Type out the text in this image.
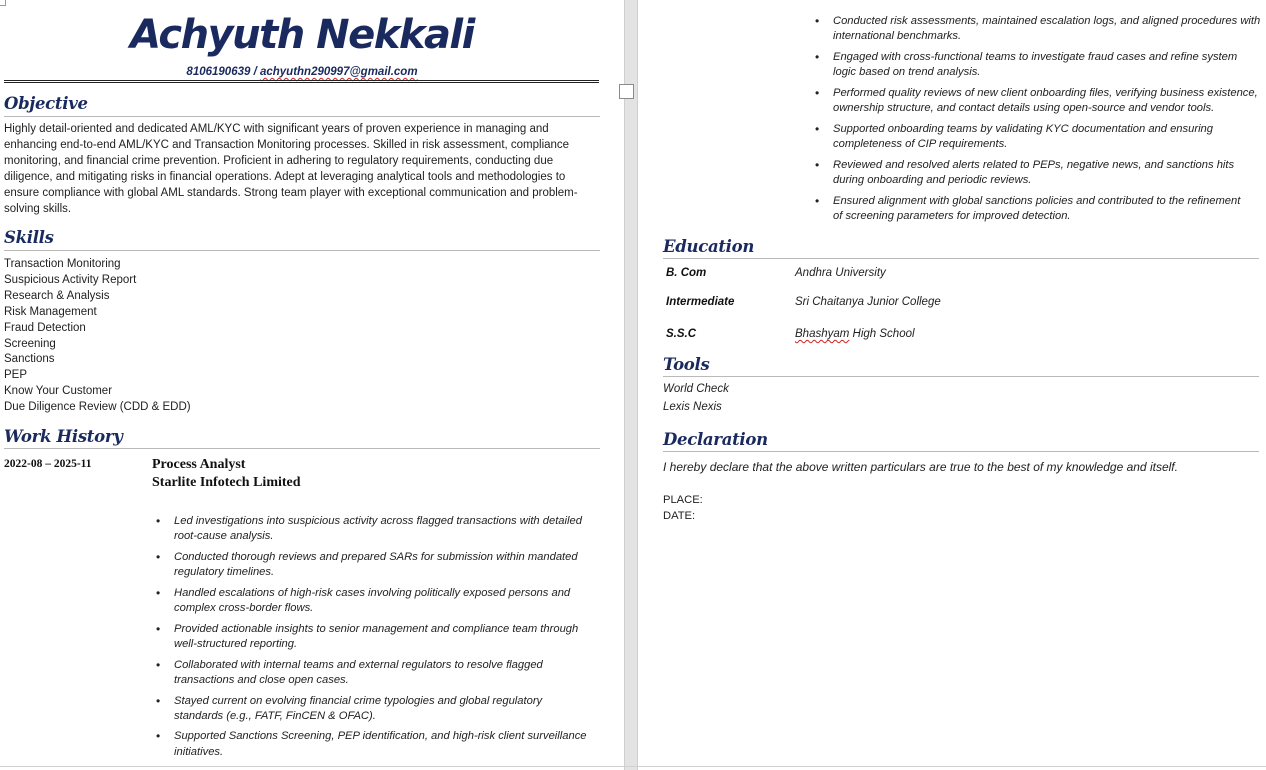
Achyuth Nekkali
8106190639 / achyuthn290997@gmail.com
Objective
Highly detail-oriented and dedicated AML/KYC with significant years of proven experience in managing and
enhancing end-to-end AML/KYC and Transaction Monitoring processes. Skilled in risk assessment, compliance
monitoring, and financial crime prevention. Proficient in adhering to regulatory requirements, conducting due
diligence, and mitigating risks in financial operations. Adept at leveraging analytical tools and methodologies to
ensure compliance with global AML standards. Strong team player with exceptional communication and problem-
solving skills.
Skills
Transaction Monitoring
Suspicious Activity Report
Research & Analysis
Risk Management
Fraud Detection
Screening
Sanctions
PEP
Know Your Customer
Due Diligence Review (CDD & EDD)
Work History
2022-08 – 2025-11	Process Analyst
Starlite Infotech Limited
• Led investigations into suspicious activity across flagged transactions with detailed
root-cause analysis.
• Conducted thorough reviews and prepared SARs for submission within mandated
regulatory timelines.
• Handled escalations of high-risk cases involving politically exposed persons and
complex cross-border flows.
• Provided actionable insights to senior management and compliance team through
well-structured reporting.
• Collaborated with internal teams and external regulators to resolve flagged
transactions and close open cases.
• Stayed current on evolving financial crime typologies and global regulatory
standards (e.g., FATF, FinCEN & OFAC).
• Supported Sanctions Screening, PEP identification, and high-risk client surveillance
initiatives.
• Conducted risk assessments, maintained escalation logs, and aligned procedures with
international benchmarks.
• Engaged with cross-functional teams to investigate fraud cases and refine system
logic based on trend analysis.
• Performed quality reviews of new client onboarding files, verifying business existence,
ownership structure, and contact details using open-source and vendor tools.
• Supported onboarding teams by validating KYC documentation and ensuring
completeness of CIP requirements.
• Reviewed and resolved alerts related to PEPs, negative news, and sanctions hits
during onboarding and periodic reviews.
• Ensured alignment with global sanctions policies and contributed to the refinement
of screening parameters for improved detection.
Education
B. Com	Andhra University
Intermediate	Sri Chaitanya Junior College
S.S.C	Bhashyam High School
Tools
World Check
Lexis Nexis
Declaration
I hereby declare that the above written particulars are true to the best of my knowledge and itself.
PLACE:
DATE:
